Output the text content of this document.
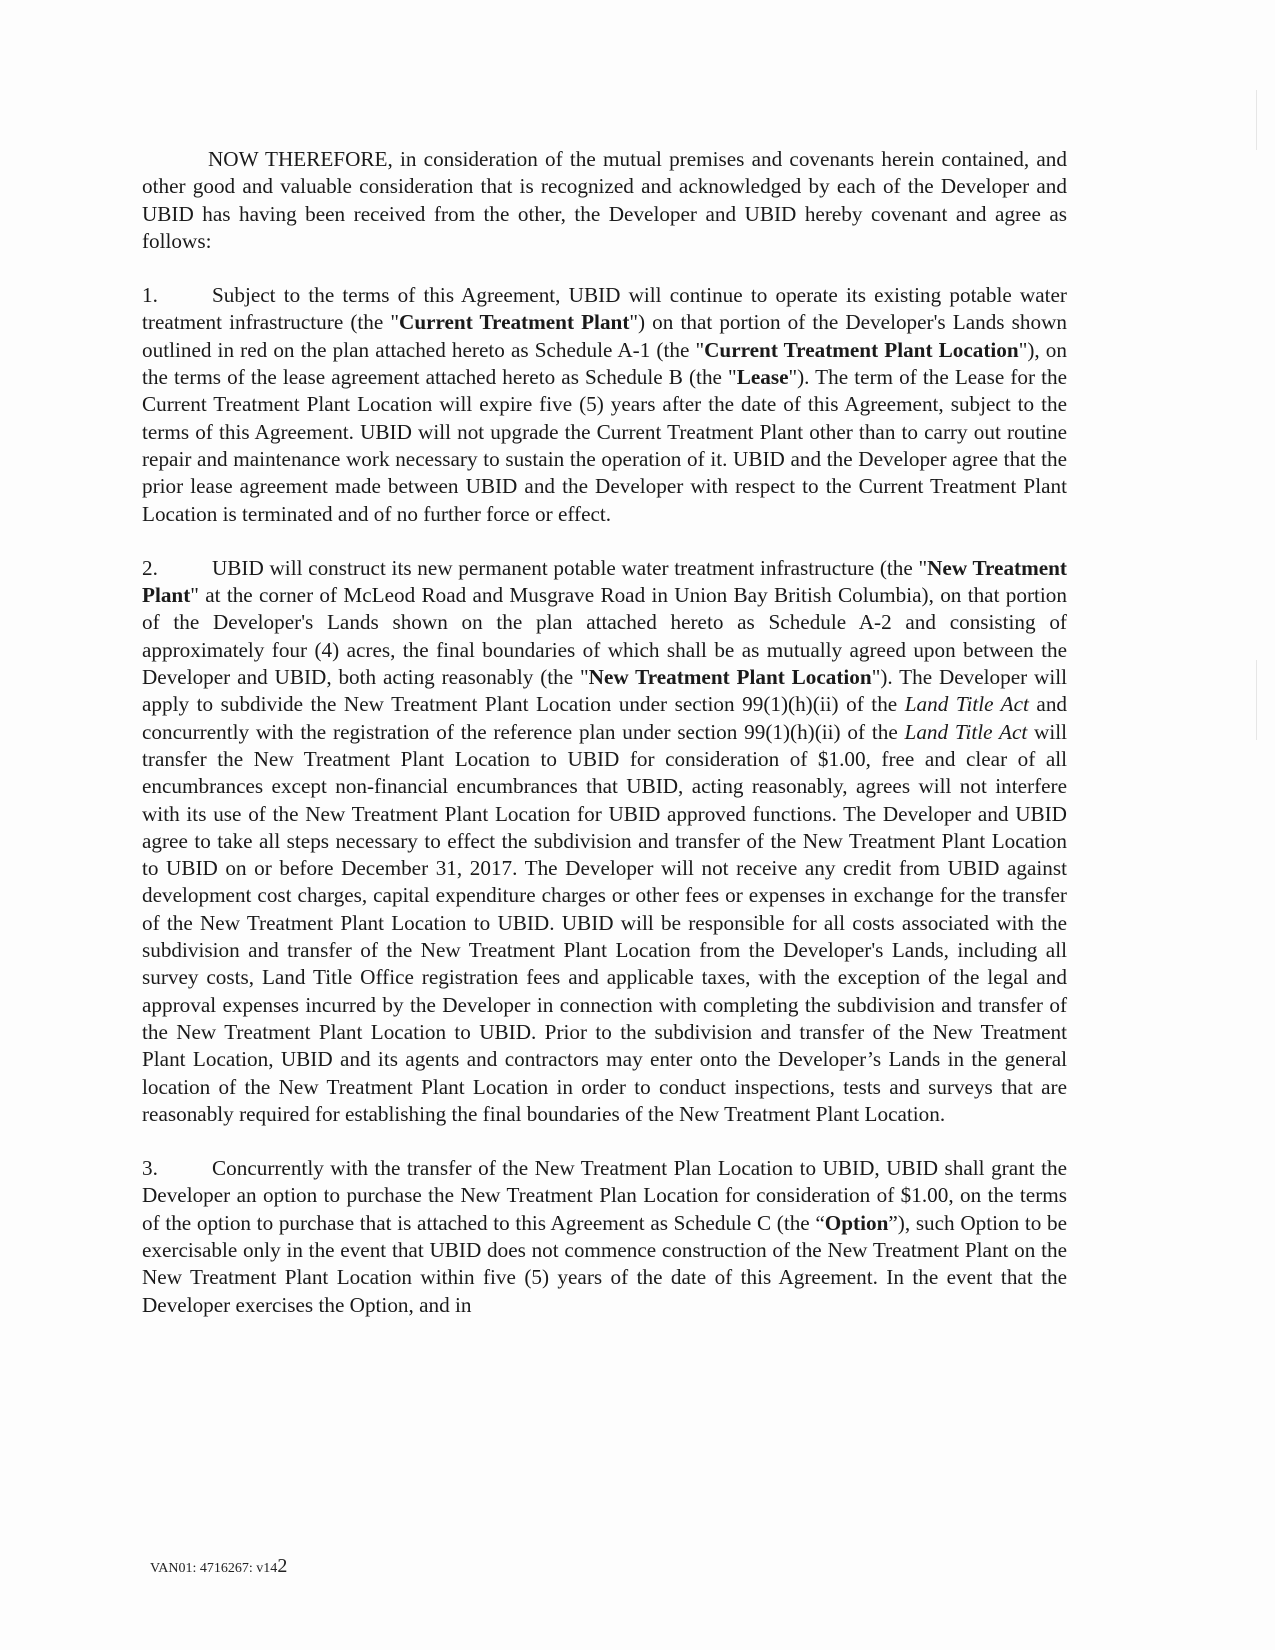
NOW THEREFORE, in consideration of the mutual premises and covenants herein contained, and other good and valuable consideration that is recognized and acknowledged by each of the Developer and UBID has having been received from the other, the Developer and UBID hereby covenant and agree as follows:

1.	Subject to the terms of this Agreement, UBID will continue to operate its existing potable water treatment infrastructure (the "Current Treatment Plant") on that portion of the Developer's Lands shown outlined in red on the plan attached hereto as Schedule A-1 (the "Current Treatment Plant Location"), on the terms of the lease agreement attached hereto as Schedule B (the "Lease"). The term of the Lease for the Current Treatment Plant Location will expire five (5) years after the date of this Agreement, subject to the terms of this Agreement. UBID will not upgrade the Current Treatment Plant other than to carry out routine repair and maintenance work necessary to sustain the operation of it. UBID and the Developer agree that the prior lease agreement made between UBID and the Developer with respect to the Current Treatment Plant Location is terminated and of no further force or effect.

2.	UBID will construct its new permanent potable water treatment infrastructure (the "New Treatment Plant" at the corner of McLeod Road and Musgrave Road in Union Bay British Columbia), on that portion of the Developer's Lands shown on the plan attached hereto as Schedule A-2 and consisting of approximately four (4) acres, the final boundaries of which shall be as mutually agreed upon between the Developer and UBID, both acting reasonably (the "New Treatment Plant Location"). The Developer will apply to subdivide the New Treatment Plant Location under section 99(1)(h)(ii) of the Land Title Act and concurrently with the registration of the reference plan under section 99(1)(h)(ii) of the Land Title Act will transfer the New Treatment Plant Location to UBID for consideration of $1.00, free and clear of all encumbrances except non-financial encumbrances that UBID, acting reasonably, agrees will not interfere with its use of the New Treatment Plant Location for UBID approved functions. The Developer and UBID agree to take all steps necessary to effect the subdivision and transfer of the New Treatment Plant Location to UBID on or before December 31, 2017. The Developer will not receive any credit from UBID against development cost charges, capital expenditure charges or other fees or expenses in exchange for the transfer of the New Treatment Plant Location to UBID. UBID will be responsible for all costs associated with the subdivision and transfer of the New Treatment Plant Location from the Developer's Lands, including all survey costs, Land Title Office registration fees and applicable taxes, with the exception of the legal and approval expenses incurred by the Developer in connection with completing the subdivision and transfer of the New Treatment Plant Location to UBID. Prior to the subdivision and transfer of the New Treatment Plant Location, UBID and its agents and contractors may enter onto the Developer’s Lands in the general location of the New Treatment Plant Location in order to conduct inspections, tests and surveys that are reasonably required for establishing the final boundaries of the New Treatment Plant Location.

3.	Concurrently with the transfer of the New Treatment Plan Location to UBID, UBID shall grant the Developer an option to purchase the New Treatment Plan Location for consideration of $1.00, on the terms of the option to purchase that is attached to this Agreement as Schedule C (the “Option”), such Option to be exercisable only in the event that UBID does not commence construction of the New Treatment Plant on the New Treatment Plant Location within five (5) years of the date of this Agreement. In the event that the Developer exercises the Option, and in

VAN01: 4716267: v142
